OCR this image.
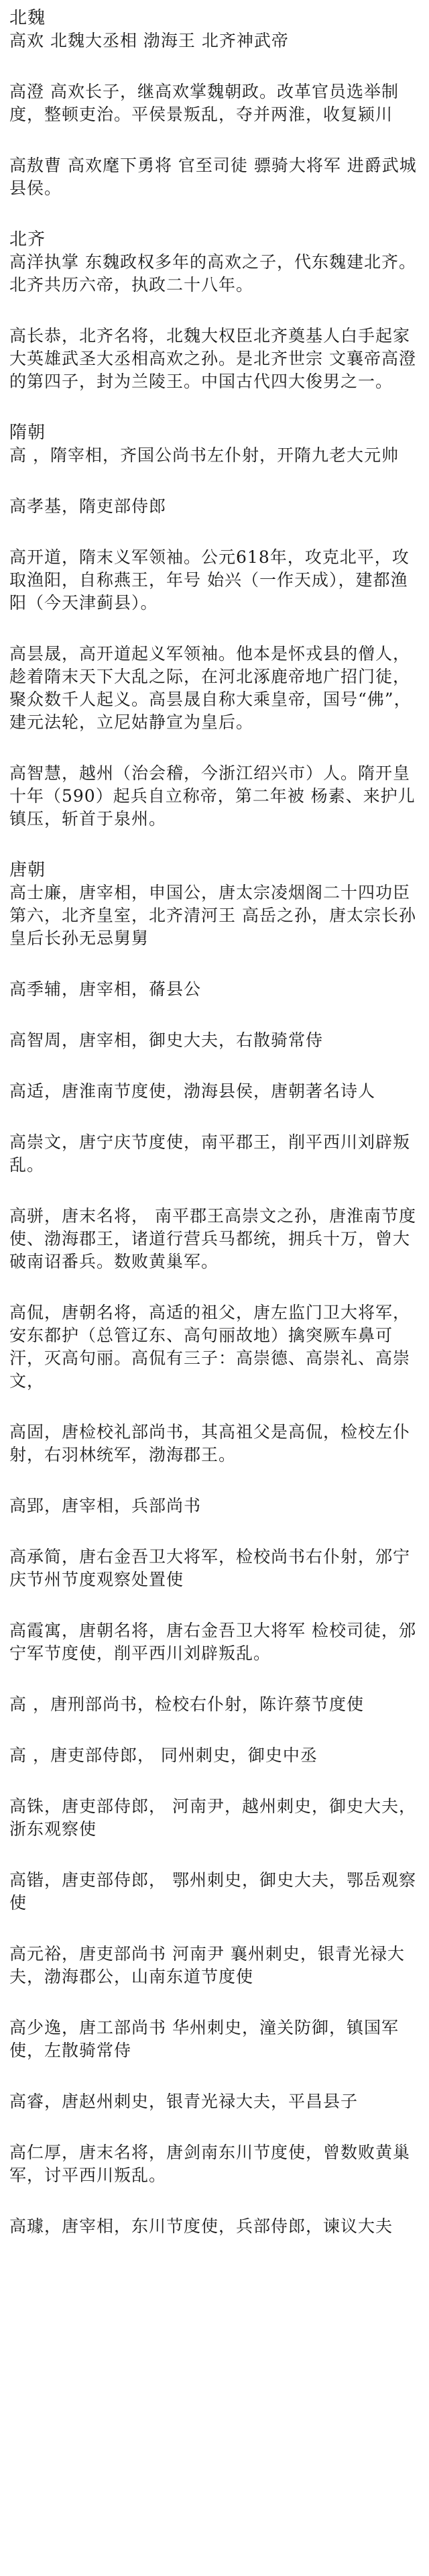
北魏
高欢 北魏大丞相 渤海王 北齐神武帝
高澄 高欢长子，继高欢掌魏朝政。改革官员选举制度，整顿吏治。平侯景叛乱，夺并两淮，收复颍川
高敖曹 高欢麾下勇将 官至司徒 骠骑大将军 进爵武城县侯。
北齐
高洋执掌 东魏政权多年的高欢之子，代东魏建北齐。北齐共历六帝，执政二十八年。
高长恭，北齐名将，北魏大权臣北齐奠基人白手起家大英雄武圣大丞相高欢之孙。是北齐世宗 文襄帝高澄的第四子，封为兰陵王。中国古代四大俊男之一。
隋朝
高 ，隋宰相，齐国公尚书左仆射，开隋九老大元帅
高孝基，隋吏部侍郎
高开道，隋末义军领袖。公元618年，攻克北平，攻取渔阳，自称燕王，年号 始兴（一作天成），建都渔阳（今天津蓟县）。
高昙晟，高开道起义军领袖。他本是怀戎县的僧人，趁着隋末天下大乱之际，在河北涿鹿帝地广招门徒，聚众数千人起义。高昙晟自称大乘皇帝，国号“佛”，建元法轮，立尼姑静宣为皇后。
高智慧，越州（治会稽，今浙江绍兴市）人。隋开皇十年（590）起兵自立称帝，第二年被 杨素、来护儿镇压，斩首于泉州。
唐朝
高士廉，唐宰相，申国公，唐太宗凌烟阁二十四功臣第六，北齐皇室，北齐清河王 高岳之孙，唐太宗长孙皇后长孙无忌舅舅
高季辅，唐宰相，蓨县公
高智周，唐宰相，御史大夫，右散骑常侍
高适，唐淮南节度使，渤海县侯，唐朝著名诗人
高崇文，唐宁庆节度使，南平郡王，削平西川刘辟叛乱。
高骈，唐末名将， 南平郡王高崇文之孙，唐淮南节度使、渤海郡王，诸道行营兵马都统，拥兵十万，曾大破南诏番兵。数败黄巢军。
高侃，唐朝名将，高适的祖父，唐左监门卫大将军，安东都护（总管辽东、高句丽故地）擒突厥车鼻可汗，灭高句丽。高侃有三子：高崇德、高崇礼、高崇文，
高固，唐检校礼部尚书，其高祖父是高侃，检校左仆射，右羽林统军，渤海郡王。
高郢，唐宰相，兵部尚书
高承简，唐右金吾卫大将军，检校尚书右仆射，邠宁庆节州节度观察处置使
高霞寓，唐朝名将，唐右金吾卫大将军 检校司徒，邠宁军节度使，削平西川刘辟叛乱。
高 ，唐刑部尚书，检校右仆射，陈许蔡节度使
高 ，唐吏部侍郎， 同州刺史，御史中丞
高铢，唐吏部侍郎， 河南尹，越州刺史，御史大夫，浙东观察使
高锴，唐吏部侍郎， 鄂州刺史，御史大夫，鄂岳观察使
高元裕，唐吏部尚书 河南尹 襄州刺史，银青光禄大夫，渤海郡公，山南东道节度使
高少逸，唐工部尚书 华州刺史，潼关防御，镇国军使，左散骑常侍
高睿，唐赵州刺史，银青光禄大夫，平昌县子
高仁厚，唐末名将，唐剑南东川节度使，曾数败黄巢军，讨平西川叛乱。
高璩，唐宰相，东川节度使，兵部侍郎，谏议大夫
